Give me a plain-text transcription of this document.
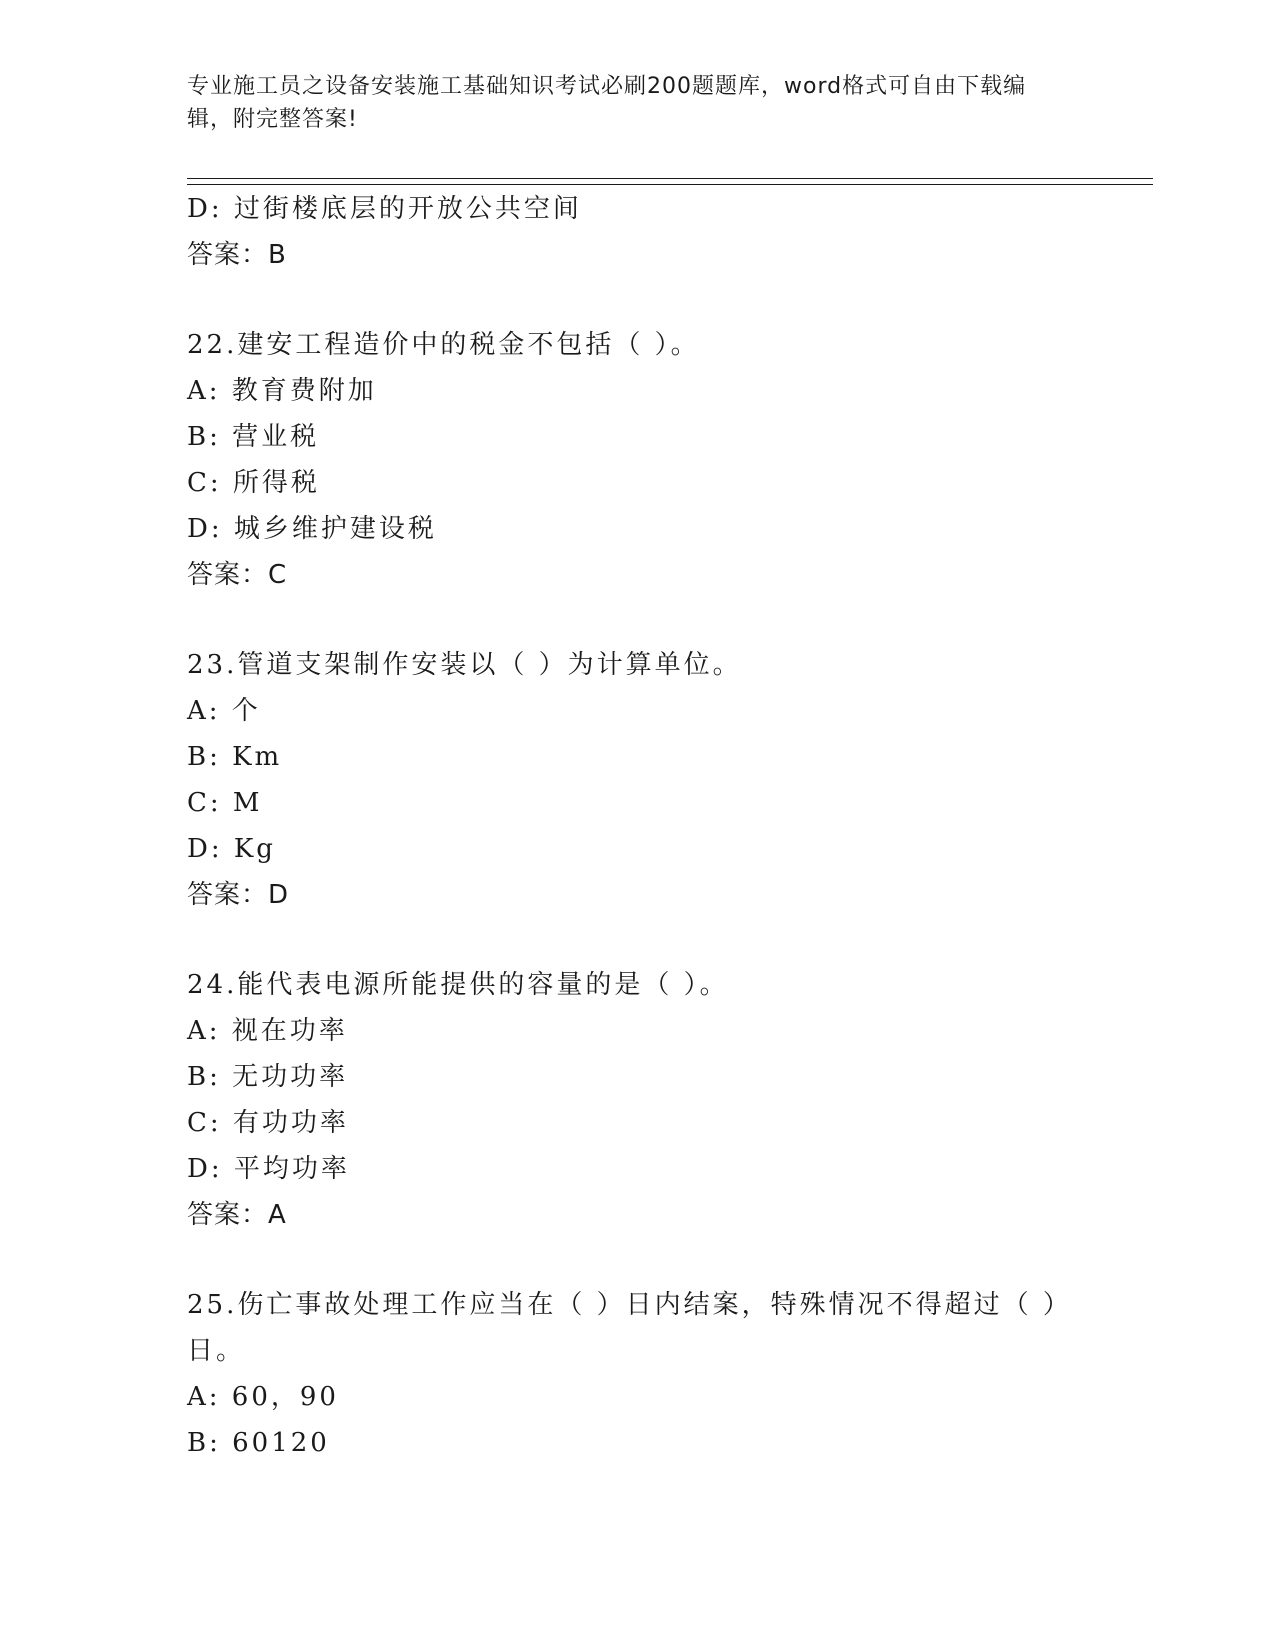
专业施工员之设备安装施工基础知识考试必刷200题题库，word格式可自由下载编辑，附完整答案!
D: 过街楼底层的开放公共空间
答案：B
22.建安工程造价中的税金不包括（ ）。
A: 教育费附加
B: 营业税
C: 所得税
D: 城乡维护建设税
答案：C
23.管道支架制作安装以（ ）为计算单位。
A: 个
B: Km
C: M
D: Kg
答案：D
24.能代表电源所能提供的容量的是（ ）。
A: 视在功率
B: 无功功率
C: 有功功率
D: 平均功率
答案：A
25.伤亡事故处理工作应当在（ ）日内结案，特殊情况不得超过（ ）日。
A: 60，90
B: 60120
